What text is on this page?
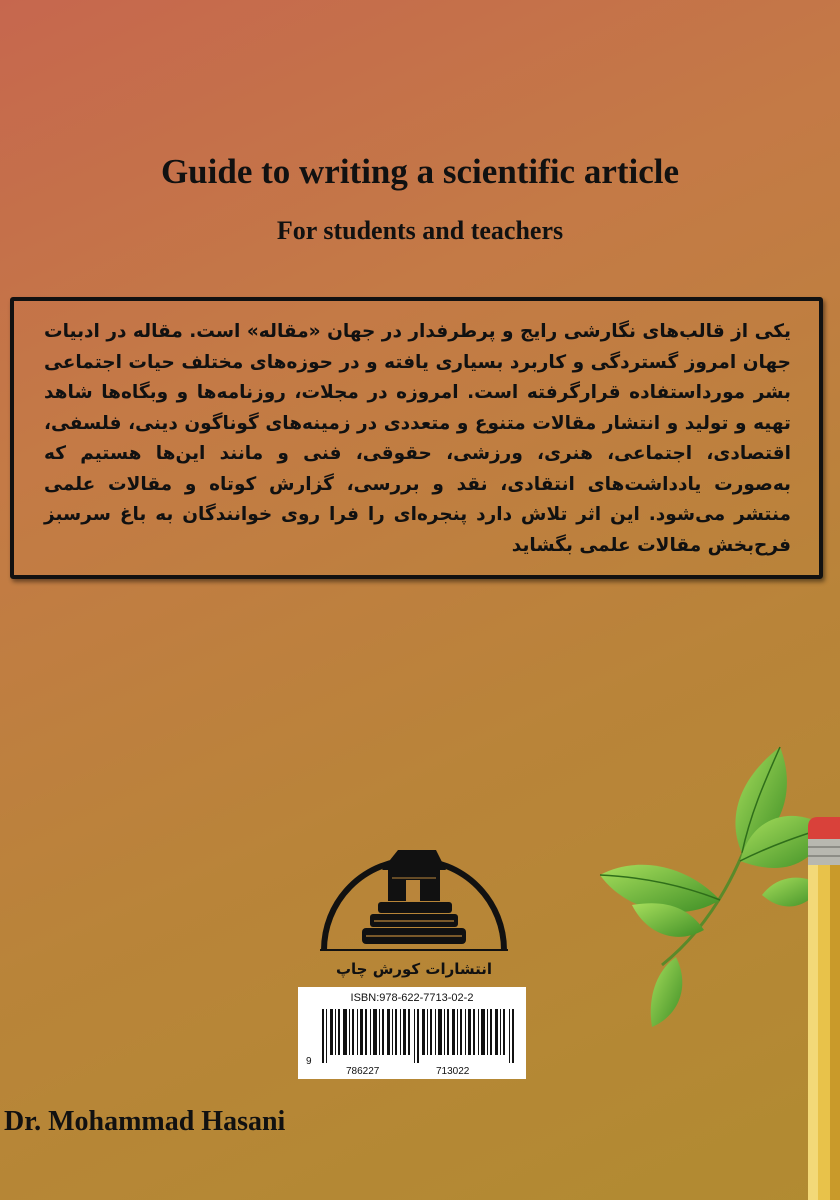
Guide to writing a scientific article
For students and teachers
یکی از قالب‌های نگارشی رایج و پرطرفدار در جهان «مقاله» است. مقاله در ادبیات جهان امروز گستردگی و کاربرد بسیاری یافته و در حوزه‌های مختلف حیات اجتماعی بشر مورداستفاده قرارگرفته است. امروزه در مجلات، روزنامه‌ها و وبگاه‌ها شاهد تهیه و تولید و انتشار مقالات متنوع و متعددی در زمینه‌های گوناگون دینی، فلسفی، اقتصادی، اجتماعی، هنری، ورزشی، حقوقی، فنی و مانند این‌ها هستیم که به‌صورت یادداشت‌های انتقادی، نقد و بررسی، گزارش کوتاه و مقالات علمی منتشر می‌شود. این اثر تلاش دارد پنجره‌ای را فرا روی خوانندگان به باغ سرسبز فرح‌بخش مقالات علمی بگشاید
انتشارات کورش چاپ
ISBN:978-622-7713-02-2
9
786227	713022
Dr. Mohammad Hasani
